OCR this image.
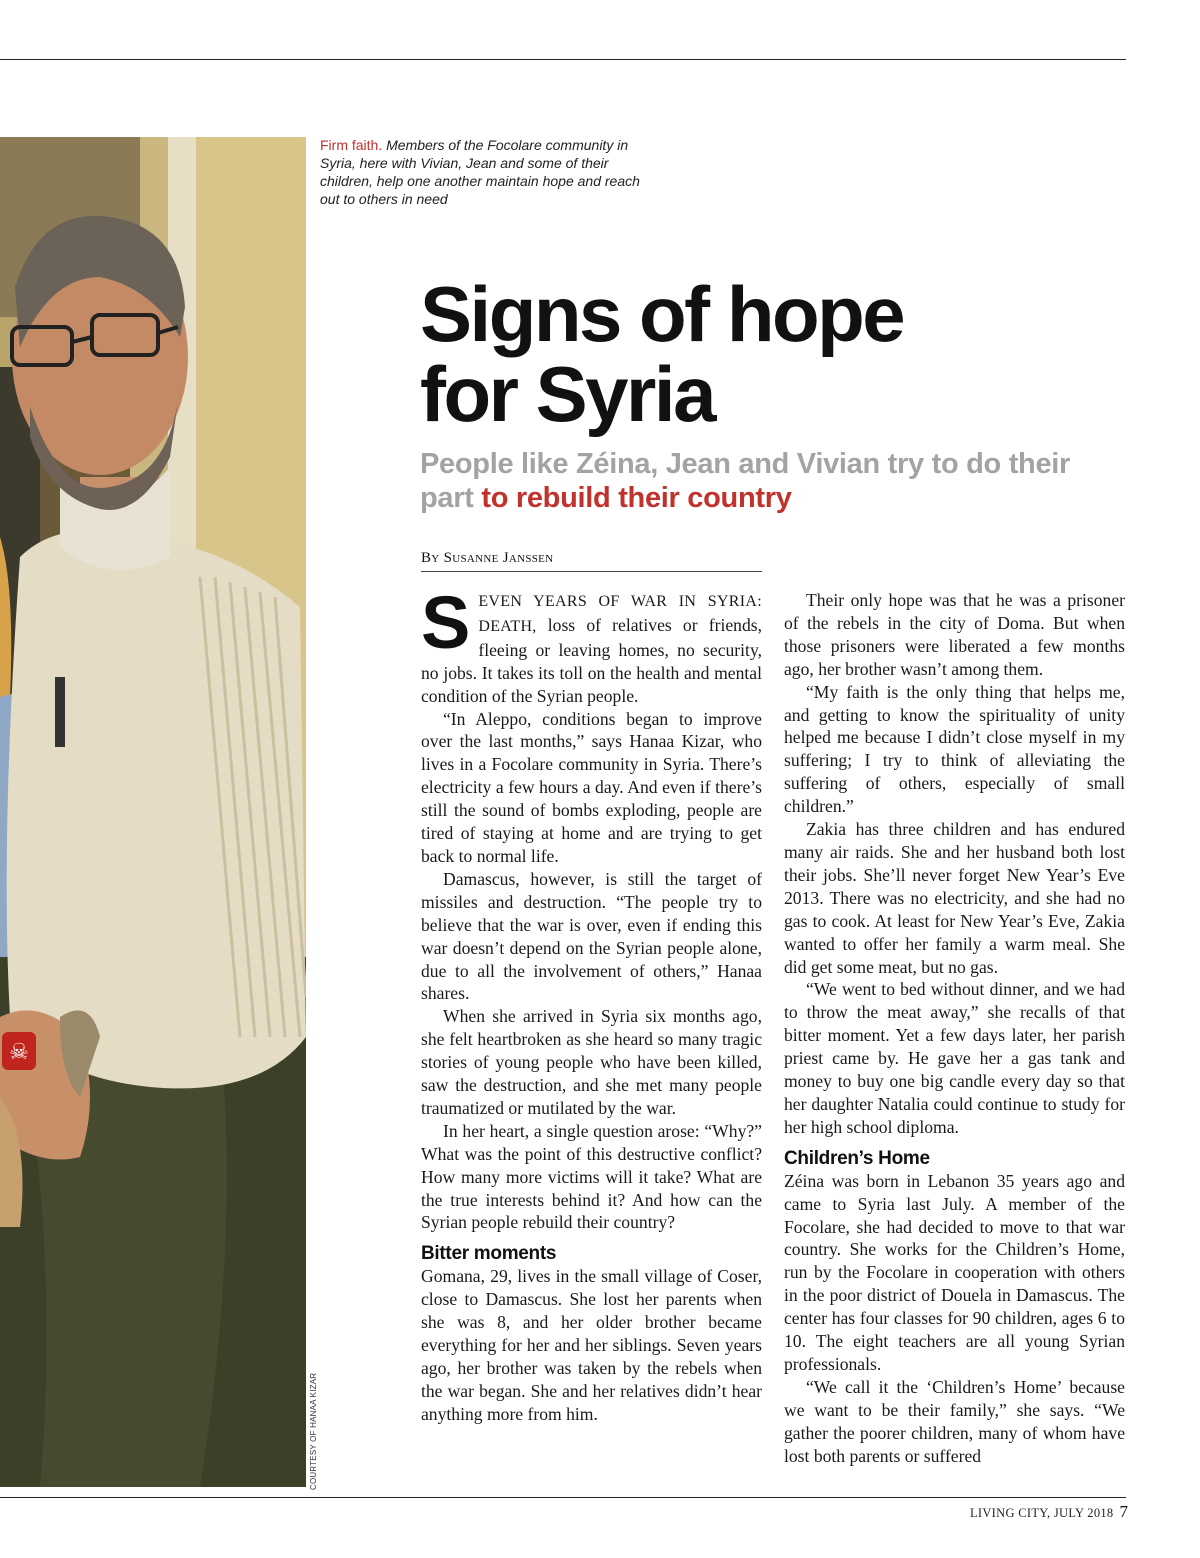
☠
COURTESY OF HANAA KIZAR
Firm faith. Members of the Focolare community in Syria, here with Vivian, Jean and some of their children, help one another maintain hope and reach out to others in need
Signs of hope
for Syria
People like Zéina, Jean and Vivian try to do their part to rebuild their country
By Susanne Janssen

SEVEN YEARS OF WAR IN SYRIA: DEATH, loss of relatives or friends, fleeing or leaving homes, no security, no jobs. It takes its toll on the health and mental condition of the Syrian people.

“In Aleppo, conditions began to improve over the last months,” says Hanaa Kizar, who lives in a Focolare community in Syria. There’s electricity a few hours a day. And even if there’s still the sound of bombs exploding, people are tired of staying at home and are trying to get back to normal life.

Damascus, however, is still the target of missiles and destruction. “The people try to believe that the war is over, even if ending this war doesn’t depend on the Syrian people alone, due to all the involvement of others,” Hanaa shares.

When she arrived in Syria six months ago, she felt heartbroken as she heard so many tragic stories of young people who have been killed, saw the destruction, and she met many people traumatized or mutilated by the war.

In her heart, a single question arose: “Why?” What was the point of this destructive conflict? How many more victims will it take? What are the true interests behind it? And how can the Syrian people rebuild their country?

Bitter moments

Gomana, 29, lives in the small village of Coser, close to Damascus. She lost her parents when she was 8, and her older brother became everything for her and her siblings. Seven years ago, her brother was taken by the rebels when the war began. She and her relatives didn’t hear anything more from him.

Their only hope was that he was a prisoner of the rebels in the city of Doma. But when those prisoners were liberated a few months ago, her brother wasn’t among them.

“My faith is the only thing that helps me, and getting to know the spirituality of unity helped me because I didn’t close myself in my suffering; I try to think of alleviating the suffering of others, especially of small children.”

Zakia has three children and has endured many air raids. She and her husband both lost their jobs. She’ll never forget New Year’s Eve 2013. There was no electricity, and she had no gas to cook. At least for New Year’s Eve, Zakia wanted to offer her family a warm meal. She did get some meat, but no gas.

“We went to bed without dinner, and we had to throw the meat away,” she recalls of that bitter moment. Yet a few days later, her parish priest came by. He gave her a gas tank and money to buy one big candle every day so that her daughter Natalia could continue to study for her high school diploma.

Children’s Home

Zéina was born in Lebanon 35 years ago and came to Syria last July. A member of the Focolare, she had decided to move to that war country. She works for the Children’s Home, run by the Focolare in cooperation with others in the poor district of Douela in Damascus. The center has four classes for 90 children, ages 6 to 10. The eight teachers are all young Syrian professionals.

“We call it the ‘Children’s Home’ because we want to be their family,” she says. “We gather the poorer children, many of whom have lost both parents or suffered

LIVING CITY, JULY 2018 7
